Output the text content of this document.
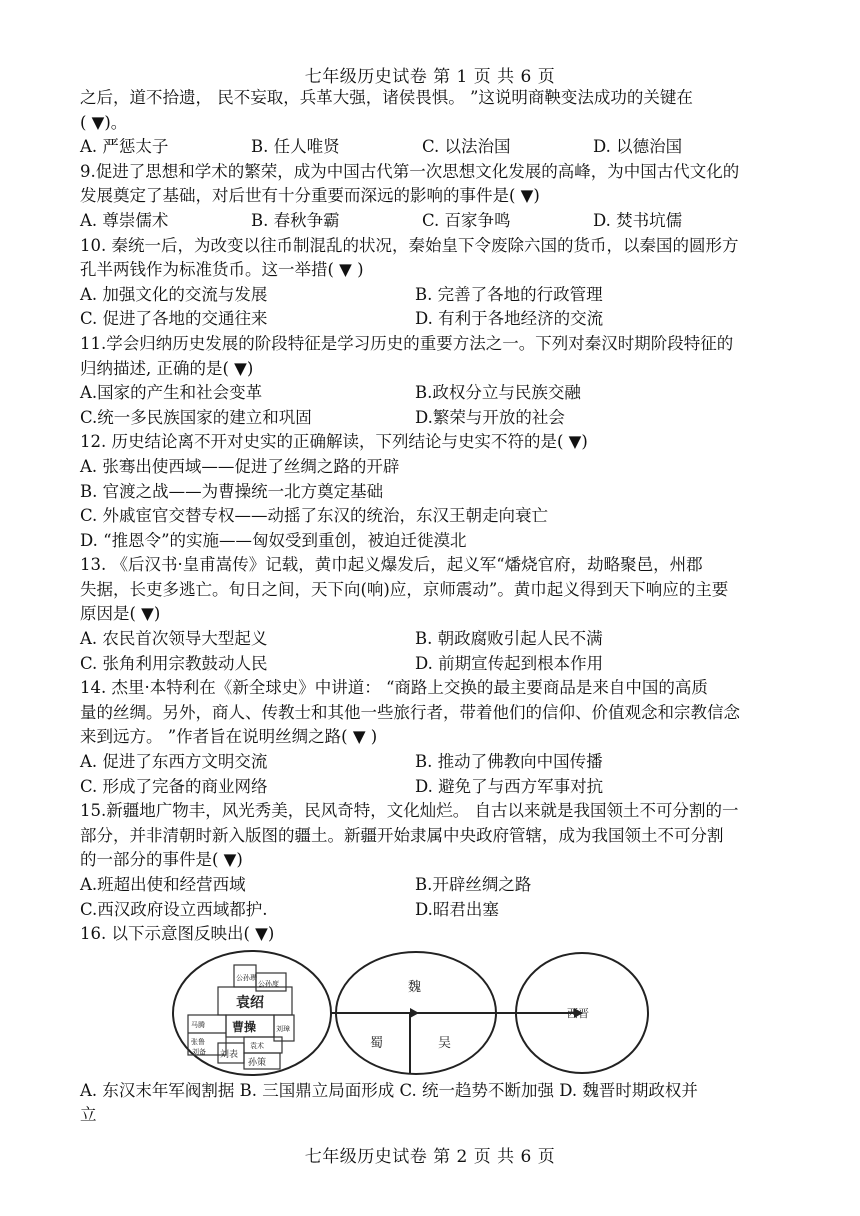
七年级历史试卷 第 1 页 共 6 页
之后，道不拾遗， 民不妄取，兵革大强，诸侯畏惧。 ”这说明商鞅变法成功的关键在
( ▼)。
A. 严惩太子	B. 任人唯贤	C. 以法治国	D. 以德治国
9.促进了思想和学术的繁荣，成为中国古代第一次思想文化发展的高峰，为中国古代文化的
发展奠定了基础，对后世有十分重要而深远的影响的事件是( ▼)
A. 尊崇儒术	B. 春秋争霸	C. 百家争鸣	D. 焚书坑儒
10. 秦统一后，为改变以往币制混乱的状况，秦始皇下令废除六国的货币，以秦国的圆形方
孔半两钱作为标准货币。这一举措( ▼ )
A. 加强文化的交流与发展	B. 完善了各地的行政管理
C. 促进了各地的交通往来	D. 有利于各地经济的交流
11.学会归纳历史发展的阶段特征是学习历史的重要方法之一。下列对秦汉时期阶段特征的
归纳描述, 正确的是( ▼)
A.国家的产生和社会变革	B.政权分立与民族交融
C.统一多民族国家的建立和巩固	D.繁荣与开放的社会
12. 历史结论离不开对史实的正确解读，下列结论与史实不符的是( ▼)
A. 张骞出使西域——促进了丝绸之路的开辟
B. 官渡之战——为曹操统一北方奠定基础
C. 外戚宦官交替专权——动摇了东汉的统治，东汉王朝走向衰亡
D. “推恩令”的实施——匈奴受到重创，被迫迁徙漠北
13. 《后汉书·皇甫嵩传》记载，黄巾起义爆发后，起义军“燔烧官府，劫略聚邑，州郡
失据，长吏多逃亡。旬日之间，天下向(响)应，京师震动”。黄巾起义得到天下响应的主要
原因是( ▼)
A. 农民首次领导大型起义	B. 朝政腐败引起人民不满
C. 张角利用宗教鼓动人民	D. 前期宣传起到根本作用
14. 杰里·本特利在《新全球史》中讲道： “商路上交换的最主要商品是来自中国的高质
量的丝绸。另外，商人、传教士和其他一些旅行者，带着他们的信仰、价值观念和宗教信念
来到远方。 ”作者旨在说明丝绸之路( ▼ )
A. 促进了东西方文明交流	B. 推动了佛教向中国传播
C. 形成了完备的商业网络	D. 避免了与西方军事对抗
15.新疆地广物丰，风光秀美，民风奇特，文化灿烂。 自古以来就是我国领土不可分割的一
部分，并非清朝时新入版图的疆土。新疆开始隶属中央政府管辖，成为我国领土不可分割
的一部分的事件是( ▼)
A.班超出使和经营西域	B.开辟丝绸之路
C.西汉政府设立西域都护.	D.昭君出塞
16. 以下示意图反映出( ▼)
公孙瓒
公孙度
袁绍
马腾
张鲁
曹操	刘璋
袁术
刘表
孙策
刘备
魏
蜀	吴
西晋
A. 东汉末年军阀割据 B. 三国鼎立局面形成 C. 统一趋势不断加强 D. 魏晋时期政权并
立
七年级历史试卷 第 2 页 共 6 页
